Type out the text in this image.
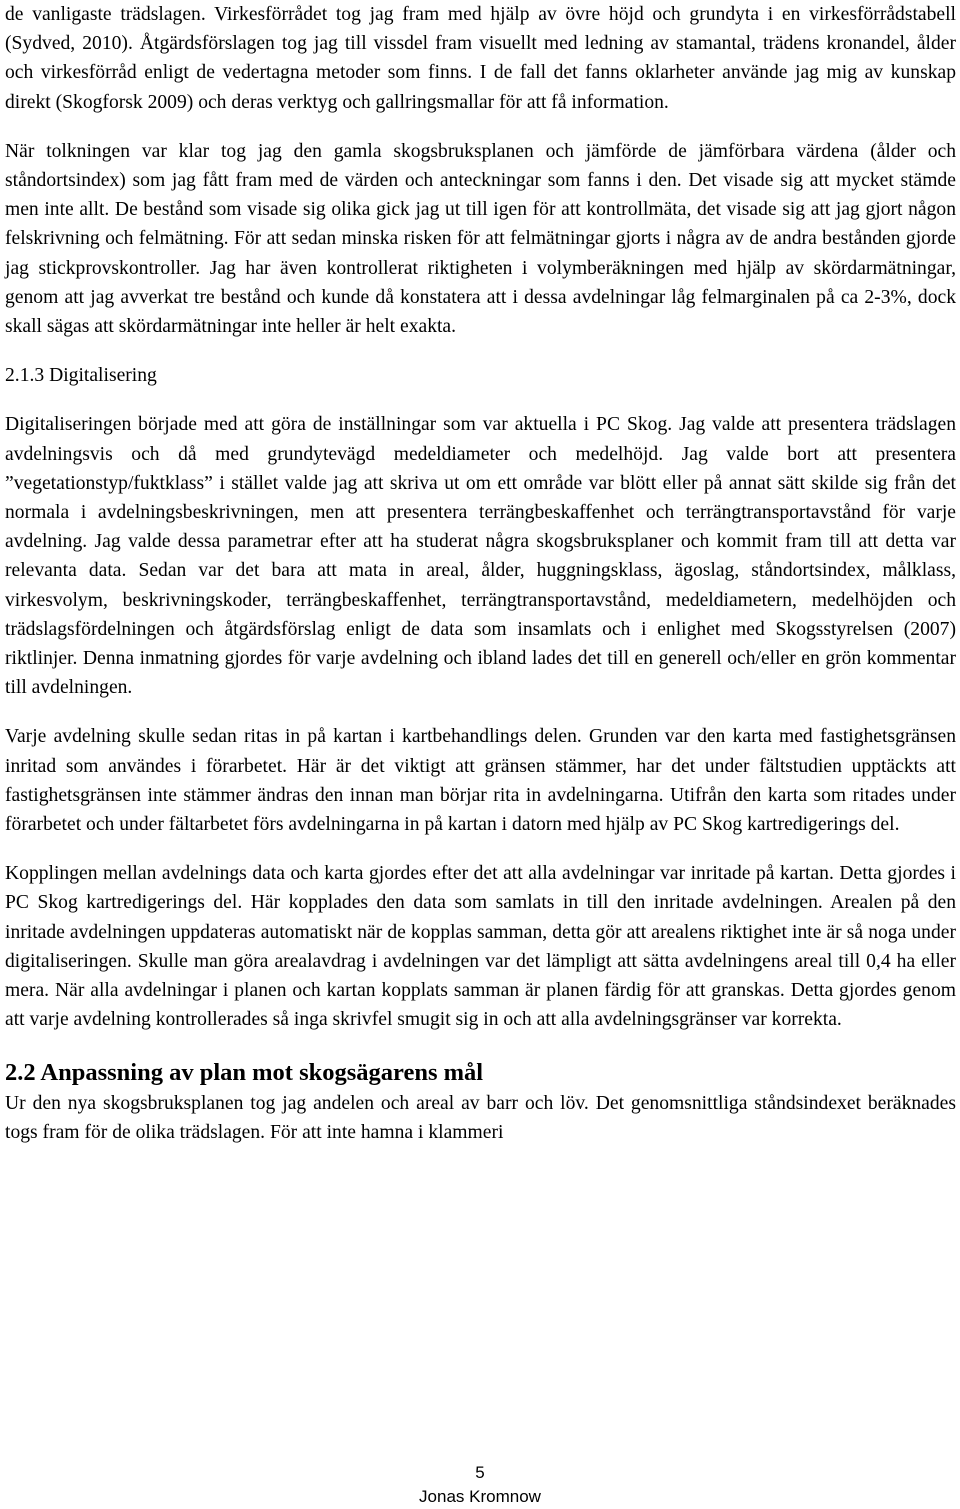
de vanligaste trädslagen. Virkesförrådet tog jag fram med hjälp av övre höjd och grundyta i en virkesförrådstabell (Sydved, 2010). Åtgärdsförslagen tog jag till vissdel fram visuellt med ledning av stamantal, trädens kronandel, ålder och virkesförråd enligt de vedertagna metoder som finns. I de fall det fanns oklarheter använde jag mig av kunskap direkt (Skogforsk 2009) och deras verktyg och gallringsmallar för att få information.

När tolkningen var klar tog jag den gamla skogsbruksplanen och jämförde de jämförbara värdena (ålder och ståndortsindex) som jag fått fram med de värden och anteckningar som fanns i den. Det visade sig att mycket stämde men inte allt. De bestånd som visade sig olika gick jag ut till igen för att kontrollmäta, det visade sig att jag gjort någon felskrivning och felmätning. För att sedan minska risken för att felmätningar gjorts i några av de andra bestånden gjorde jag stickprovskontroller. Jag har även kontrollerat riktigheten i volymberäkningen med hjälp av skördarmätningar, genom att jag avverkat tre bestånd och kunde då konstatera att i dessa avdelningar låg felmarginalen på ca 2-3%, dock skall sägas att skördarmätningar inte heller är helt exakta.

2.1.3 Digitalisering

Digitaliseringen började med att göra de inställningar som var aktuella i PC Skog. Jag valde att presentera trädslagen avdelningsvis och då med grundytevägd medeldiameter och medelhöjd. Jag valde bort att presentera ”vegetationstyp/fuktklass” i stället valde jag att skriva ut om ett område var blött eller på annat sätt skilde sig från det normala i avdelningsbeskrivningen, men att presentera terrängbeskaffenhet och terrängtransportavstånd för varje avdelning. Jag valde dessa parametrar efter att ha studerat några skogsbruksplaner och kommit fram till att detta var relevanta data. Sedan var det bara att mata in areal, ålder, huggningsklass, ägoslag, ståndortsindex, målklass, virkesvolym, beskrivningskoder, terrängbeskaffenhet, terrängtransportavstånd, medeldiametern, medelhöjden och trädslagsfördelningen och åtgärdsförslag enligt de data som insamlats och i enlighet med Skogsstyrelsen (2007) riktlinjer. Denna inmatning gjordes för varje avdelning och ibland lades det till en generell och/eller en grön kommentar till avdelningen.

Varje avdelning skulle sedan ritas in på kartan i kartbehandlings delen. Grunden var den karta med fastighetsgränsen inritad som användes i förarbetet. Här är det viktigt att gränsen stämmer, har det under fältstudien upptäckts att fastighetsgränsen inte stämmer ändras den innan man börjar rita in avdelningarna. Utifrån den karta som ritades under förarbetet och under fältarbetet förs avdelningarna in på kartan i datorn med hjälp av PC Skog kartredigerings del.

Kopplingen mellan avdelnings data och karta gjordes efter det att alla avdelningar var inritade på kartan. Detta gjordes i PC Skog kartredigerings del. Här kopplades den data som samlats in till den inritade avdelningen. Arealen på den inritade avdelningen uppdateras automatiskt när de kopplas samman, detta gör att arealens riktighet inte är så noga under digitaliseringen. Skulle man göra arealavdrag i avdelningen var det lämpligt att sätta avdelningens areal till 0,4 ha eller mera. När alla avdelningar i planen och kartan kopplats samman är planen färdig för att granskas. Detta gjordes genom att varje avdelning kontrollerades så inga skrivfel smugit sig in och att alla avdelningsgränser var korrekta.

2.2 Anpassning av plan mot skogsägarens mål

Ur den nya skogsbruksplanen tog jag andelen och areal av barr och löv. Det genomsnittliga ståndsindexet beräknades togs fram för de olika trädslagen. För att inte hamna i klammeri

5
Jonas Kromnow
